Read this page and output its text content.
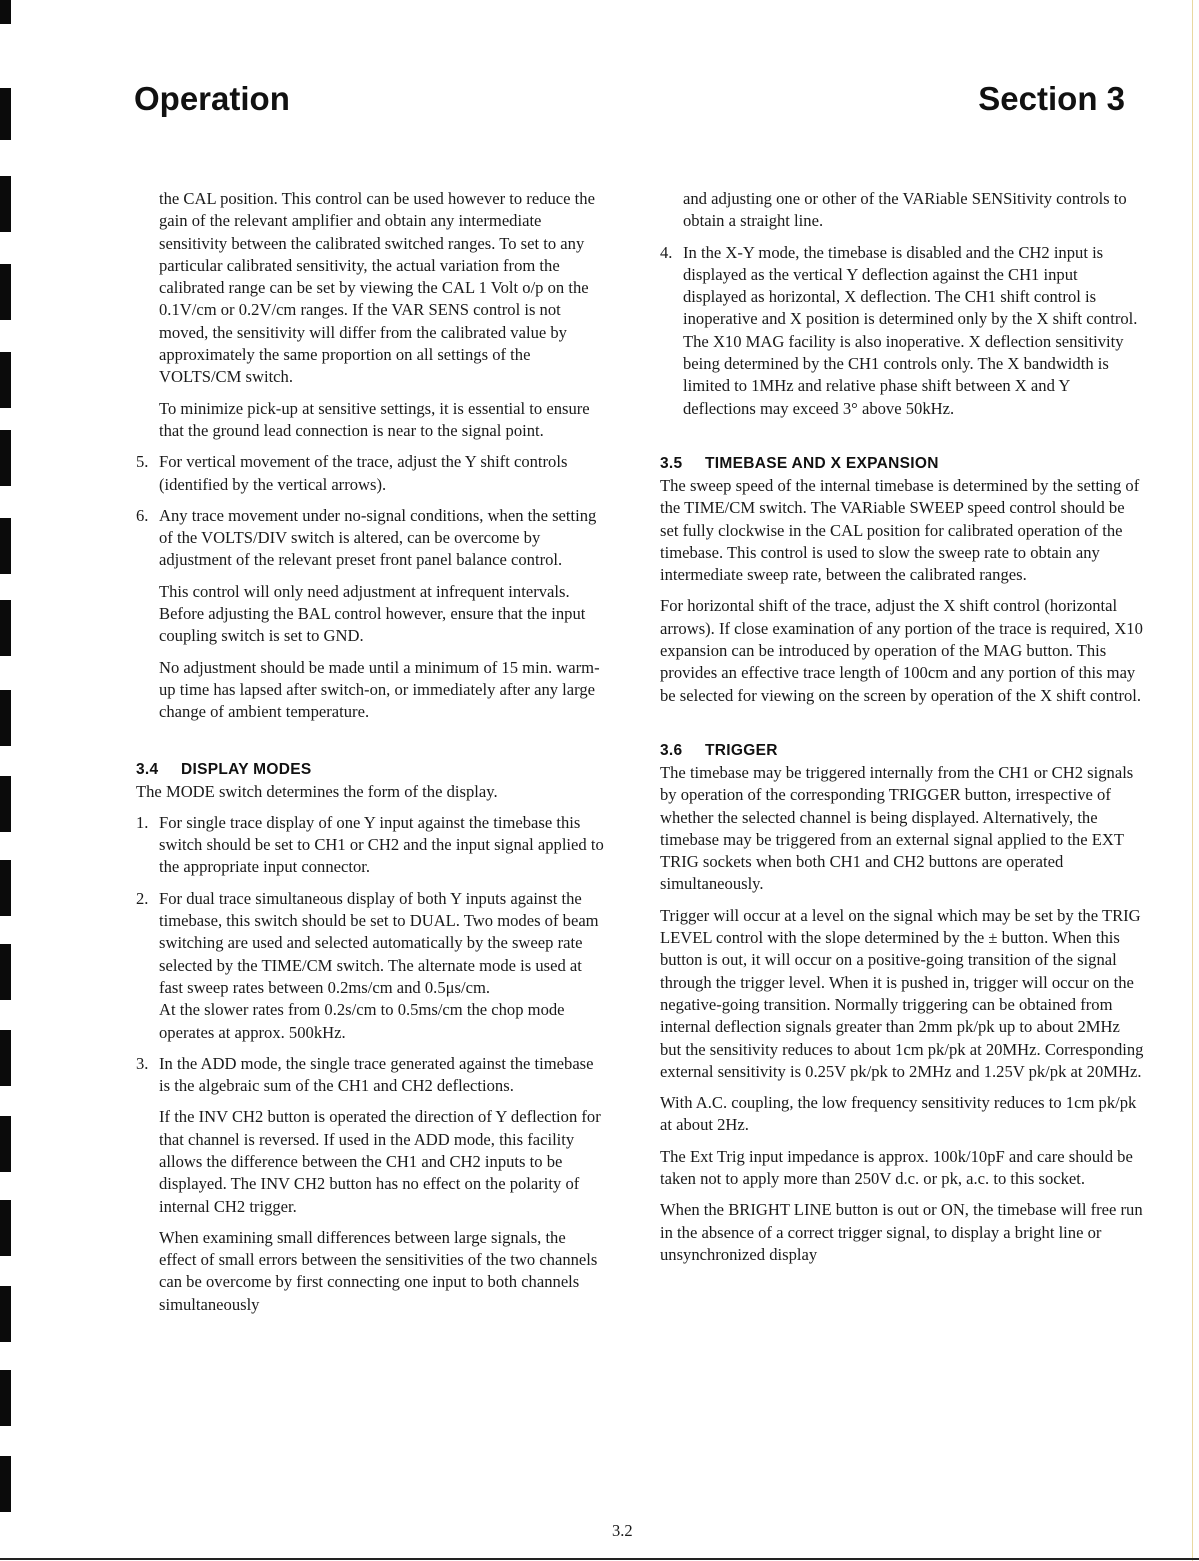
Operation	Section 3

the CAL position. This control can be used however to reduce the gain of the relevant amplifier and obtain any intermediate sensitivity between the calibrated switched ranges. To set to any particular calibrated sensitivity, the actual variation from the calibrated range can be set by viewing the CAL 1 Volt o/p on the 0.1V/cm or 0.2V/cm ranges. If the VAR SENS control is not moved, the sensitivity will differ from the calibrated value by approximately the same proportion on all settings of the VOLTS/CM switch.

To minimize pick-up at sensitive settings, it is essential to ensure that the ground lead connection is near to the signal point.

5. For vertical movement of the trace, adjust the Y shift controls (identified by the vertical arrows).

6. Any trace movement under no-signal conditions, when the setting of the VOLTS/DIV switch is altered, can be overcome by adjustment of the relevant preset front panel balance control.

This control will only need adjustment at infrequent intervals. Before adjusting the BAL control however, ensure that the input coupling switch is set to GND.

No adjustment should be made until a minimum of 15 min. warm-up time has lapsed after switch-on, or immediately after any large change of ambient temperature.

3.4 DISPLAY MODES

The MODE switch determines the form of the display.

1. For single trace display of one Y input against the timebase this switch should be set to CH1 or CH2 and the input signal applied to the appropriate input connector.

2. For dual trace simultaneous display of both Y inputs against the timebase, this switch should be set to DUAL. Two modes of beam switching are used and selected automatically by the sweep rate selected by the TIME/CM switch. The alternate mode is used at fast sweep rates between 0.2ms/cm and 0.5μs/cm.

At the slower rates from 0.2s/cm to 0.5ms/cm the chop mode operates at approx. 500kHz.

3. In the ADD mode, the single trace generated against the timebase is the algebraic sum of the CH1 and CH2 deflections.

If the INV CH2 button is operated the direction of Y deflection for that channel is reversed. If used in the ADD mode, this facility allows the difference between the CH1 and CH2 inputs to be displayed. The INV CH2 button has no effect on the polarity of internal CH2 trigger.

When examining small differences between large signals, the effect of small errors between the sensitivities of the two channels can be overcome by first connecting one input to both channels simultaneously

and adjusting one or other of the VARiable SENSitivity controls to obtain a straight line.

4. In the X-Y mode, the timebase is disabled and the CH2 input is displayed as the vertical Y deflection against the CH1 input displayed as horizontal, X deflection. The CH1 shift control is inoperative and X position is determined only by the X shift control. The X10 MAG facility is also inoperative. X deflection sensitivity being determined by the CH1 controls only. The X bandwidth is limited to 1MHz and relative phase shift between X and Y deflections may exceed 3° above 50kHz.

3.5 TIMEBASE AND X EXPANSION

The sweep speed of the internal timebase is determined by the setting of the TIME/CM switch. The VARiable SWEEP speed control should be set fully clockwise in the CAL position for calibrated operation of the timebase. This control is used to slow the sweep rate to obtain any intermediate sweep rate, between the calibrated ranges.

For horizontal shift of the trace, adjust the X shift control (horizontal arrows). If close examination of any portion of the trace is required, X10 expansion can be introduced by operation of the MAG button. This provides an effective trace length of 100cm and any portion of this may be selected for viewing on the screen by operation of the X shift control.

3.6 TRIGGER

The timebase may be triggered internally from the CH1 or CH2 signals by operation of the corresponding TRIGGER button, irrespective of whether the selected channel is being displayed. Alternatively, the timebase may be triggered from an external signal applied to the EXT TRIG sockets when both CH1 and CH2 buttons are operated simultaneously.

Trigger will occur at a level on the signal which may be set by the TRIG LEVEL control with the slope determined by the ± button. When this button is out, it will occur on a positive-going transition of the signal through the trigger level. When it is pushed in, trigger will occur on the negative-going transition. Normally triggering can be obtained from internal deflection signals greater than 2mm pk/pk up to about 2MHz but the sensitivity reduces to about 1cm pk/pk at 20MHz. Corresponding external sensitivity is 0.25V pk/pk to 2MHz and 1.25V pk/pk at 20MHz.

With A.C. coupling, the low frequency sensitivity reduces to 1cm pk/pk at about 2Hz.

The Ext Trig input impedance is approx. 100k/10pF and care should be taken not to apply more than 250V d.c. or pk, a.c. to this socket.

When the BRIGHT LINE button is out or ON, the timebase will free run in the absence of a correct trigger signal, to display a bright line or unsynchronized display

3.2
